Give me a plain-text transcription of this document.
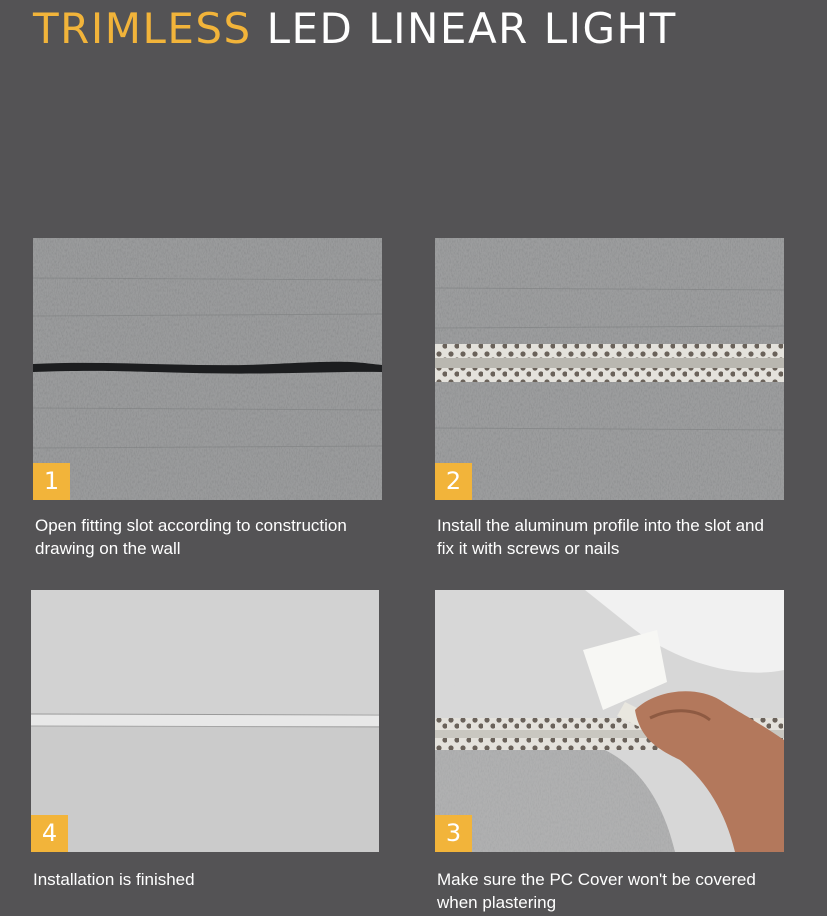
TRIMLESS LED LINEAR LIGHT
1
Open fitting slot according to construction drawing on the wall
2
Install the aluminum profile into the slot and fix it with screws or nails
4
Installation is finished
3
Make sure the PC Cover won't be covered when plastering
